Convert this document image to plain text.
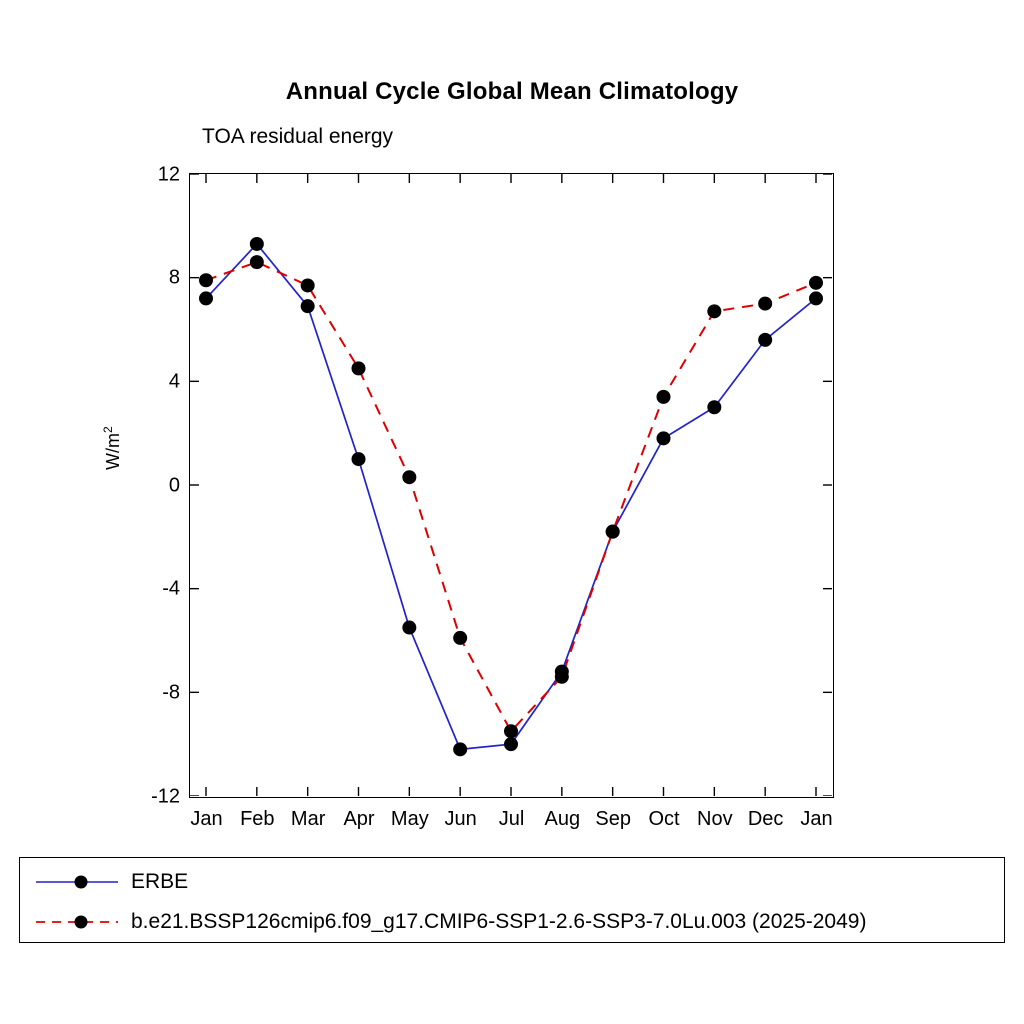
Annual Cycle Global Mean Climatology
TOA residual energy
$W/m^2$
12
8
4
0
-4
-8
-12
Jan Feb Mar Apr May Jun Jul Aug Sep Oct Nov Dec Jan
ERBE
b.e21.BSSP126cmip6.f09_g17.CMIP6-SSP1-2.6-SSP3-7.0Lu.003 (2025-2049)
